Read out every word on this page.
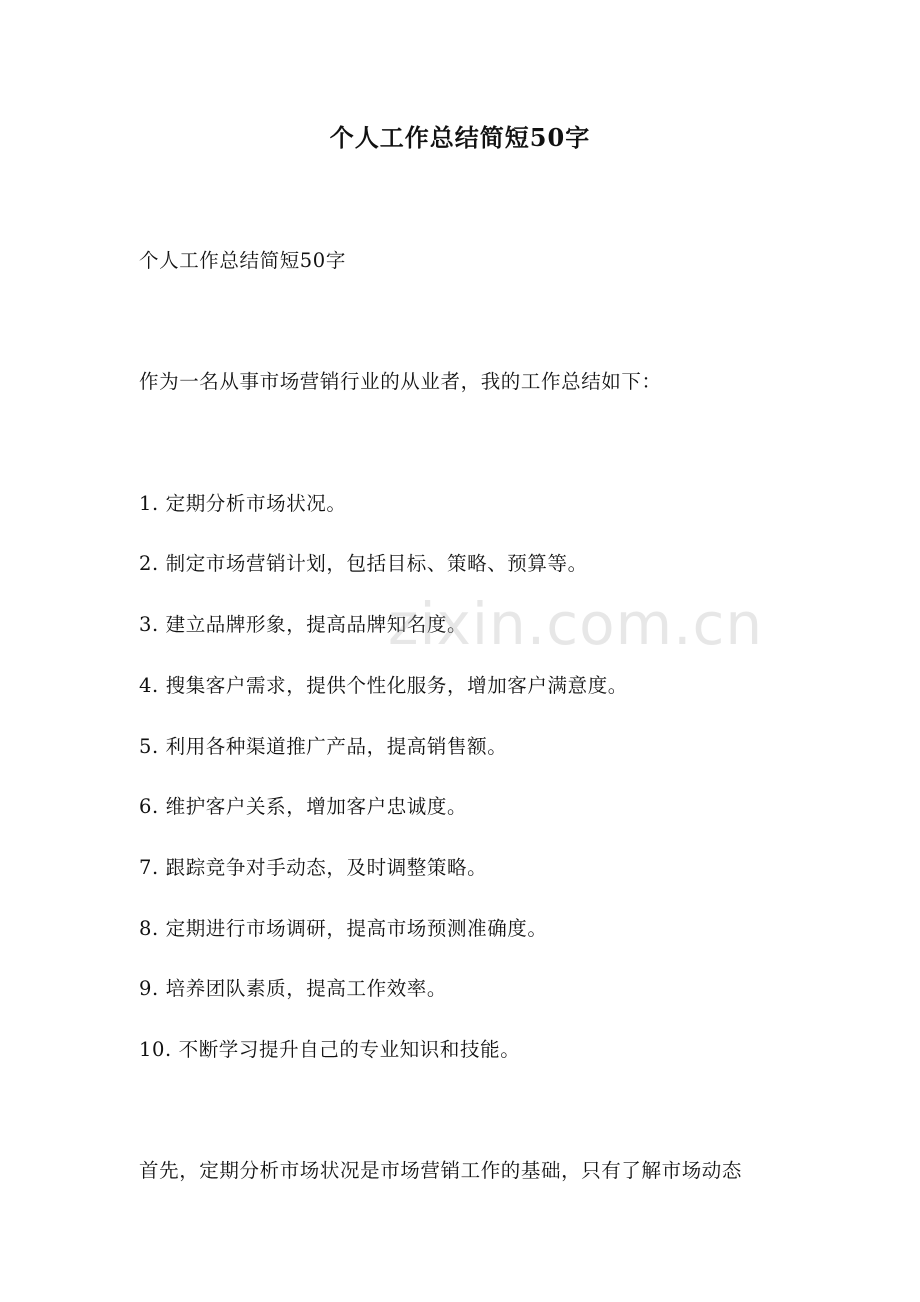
个人工作总结简短50字
个人工作总结简短50字
作为一名从事市场营销行业的从业者，我的工作总结如下：
1. 定期分析市场状况。
2. 制定市场营销计划，包括目标、策略、预算等。
3. 建立品牌形象，提高品牌知名度。
4. 搜集客户需求，提供个性化服务，增加客户满意度。
5. 利用各种渠道推广产品，提高销售额。
6. 维护客户关系，增加客户忠诚度。
7. 跟踪竞争对手动态，及时调整策略。
8. 定期进行市场调研，提高市场预测准确度。
9. 培养团队素质，提高工作效率。
10. 不断学习提升自己的专业知识和技能。
首先，定期分析市场状况是市场营销工作的基础，只有了解市场动态
zixin.com.cn
